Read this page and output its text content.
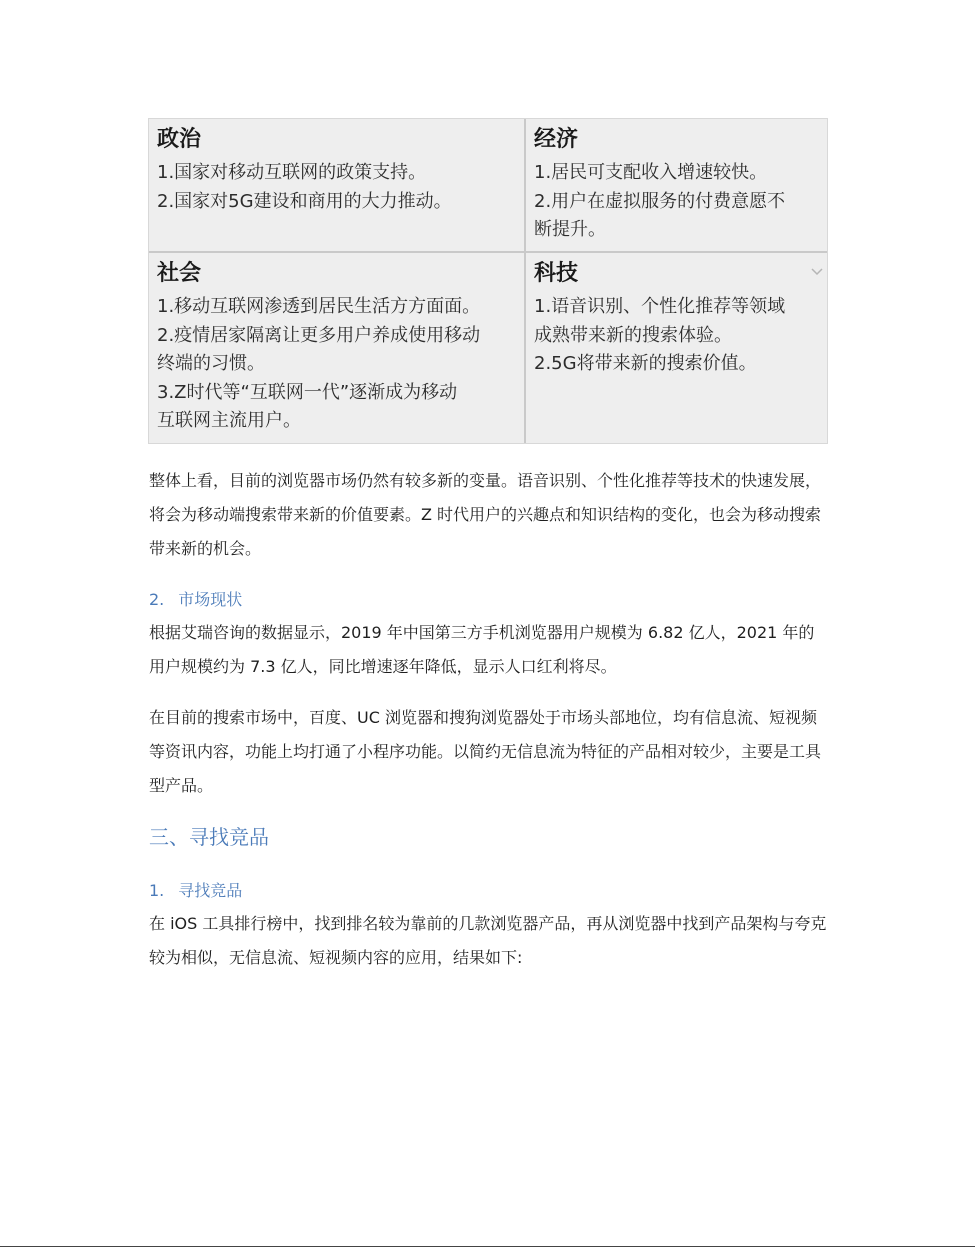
政治

1.国家对移动互联网的政策支持。

2.国家对5G建设和商用的大力推动。

经济

1.居民可支配收入增速较快。

2.用户在虚拟服务的付费意愿不

断提升。

社会

1.移动互联网渗透到居民生活方方面面。

2.疫情居家隔离让更多用户养成使用移动

终端的习惯。

3.Z时代等“互联网一代”逐渐成为移动

互联网主流用户。

科技

1.语音识别、个性化推荐等领域

成熟带来新的搜索体验。

2.5G将带来新的搜索价值。

整体上看，目前的浏览器市场仍然有较多新的变量。语音识别、个性化推荐等技术的快速发展，将会为移动端搜索带来新的价值要素。Z 时代用户的兴趣点和知识结构的变化，也会为移动搜索带来新的机会。

2. 市场现状

根据艾瑞咨询的数据显示，2019 年中国第三方手机浏览器用户规模为 6.82 亿人，2021 年的用户规模约为 7.3 亿人，同比增速逐年降低，显示人口红利将尽。

在目前的搜索市场中，百度、UC 浏览器和搜狗浏览器处于市场头部地位，均有信息流、短视频等资讯内容，功能上均打通了小程序功能。以简约无信息流为特征的产品相对较少，主要是工具型产品。

三、寻找竞品

1. 寻找竞品

在 iOS 工具排行榜中，找到排名较为靠前的几款浏览器产品，再从浏览器中找到产品架构与夸克较为相似，无信息流、短视频内容的应用，结果如下:
